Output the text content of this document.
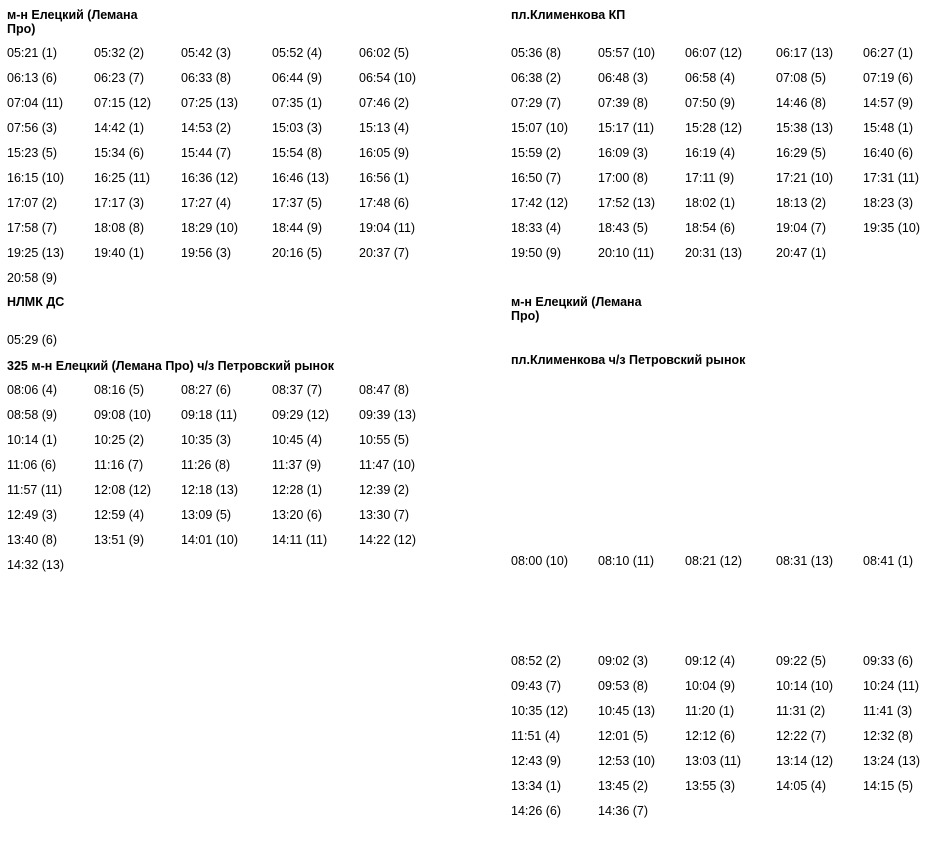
м-н Елецкий (Лемана Про)
05:21 (1)	05:32 (2)	05:42 (3)	05:52 (4)	06:02 (5)
06:13 (6)	06:23 (7)	06:33 (8)	06:44 (9)	06:54 (10)
07:04 (11)	07:15 (12)	07:25 (13)	07:35 (1)	07:46 (2)
07:56 (3)	14:42 (1)	14:53 (2)	15:03 (3)	15:13 (4)
15:23 (5)	15:34 (6)	15:44 (7)	15:54 (8)	16:05 (9)
16:15 (10)	16:25 (11)	16:36 (12)	16:46 (13)	16:56 (1)
17:07 (2)	17:17 (3)	17:27 (4)	17:37 (5)	17:48 (6)
17:58 (7)	18:08 (8)	18:29 (10)	18:44 (9)	19:04 (11)
19:25 (13)	19:40 (1)	19:56 (3)	20:16 (5)	20:37 (7)
20:58 (9)
НЛМК ДС
05:29 (6)
325 м-н Елецкий (Лемана Про) ч/з Петровский рынок
08:06 (4)	08:16 (5)	08:27 (6)	08:37 (7)	08:47 (8)
08:58 (9)	09:08 (10)	09:18 (11)	09:29 (12)	09:39 (13)
10:14 (1)	10:25 (2)	10:35 (3)	10:45 (4)	10:55 (5)
11:06 (6)	11:16 (7)	11:26 (8)	11:37 (9)	11:47 (10)
11:57 (11)	12:08 (12)	12:18 (13)	12:28 (1)	12:39 (2)
12:49 (3)	12:59 (4)	13:09 (5)	13:20 (6)	13:30 (7)
13:40 (8)	13:51 (9)	14:01 (10)	14:11 (11)	14:22 (12)
14:32 (13)
пл.Клименкова КП
05:36 (8)	05:57 (10)	06:07 (12)	06:17 (13)	06:27 (1)
06:38 (2)	06:48 (3)	06:58 (4)	07:08 (5)	07:19 (6)
07:29 (7)	07:39 (8)	07:50 (9)	14:46 (8)	14:57 (9)
15:07 (10)	15:17 (11)	15:28 (12)	15:38 (13)	15:48 (1)
15:59 (2)	16:09 (3)	16:19 (4)	16:29 (5)	16:40 (6)
16:50 (7)	17:00 (8)	17:11 (9)	17:21 (10)	17:31 (11)
17:42 (12)	17:52 (13)	18:02 (1)	18:13 (2)	18:23 (3)
18:33 (4)	18:43 (5)	18:54 (6)	19:04 (7)	19:35 (10)
19:50 (9)	20:10 (11)	20:31 (13)	20:47 (1)
м-н Елецкий (Лемана Про)
пл.Клименкова ч/з Петровский рынок
08:00 (10)	08:10 (11)	08:21 (12)	08:31 (13)	08:41 (1)
08:52 (2)	09:02 (3)	09:12 (4)	09:22 (5)	09:33 (6)
09:43 (7)	09:53 (8)	10:04 (9)	10:14 (10)	10:24 (11)
10:35 (12)	10:45 (13)	11:20 (1)	11:31 (2)	11:41 (3)
11:51 (4)	12:01 (5)	12:12 (6)	12:22 (7)	12:32 (8)
12:43 (9)	12:53 (10)	13:03 (11)	13:14 (12)	13:24 (13)
13:34 (1)	13:45 (2)	13:55 (3)	14:05 (4)	14:15 (5)
14:26 (6)	14:36 (7)
